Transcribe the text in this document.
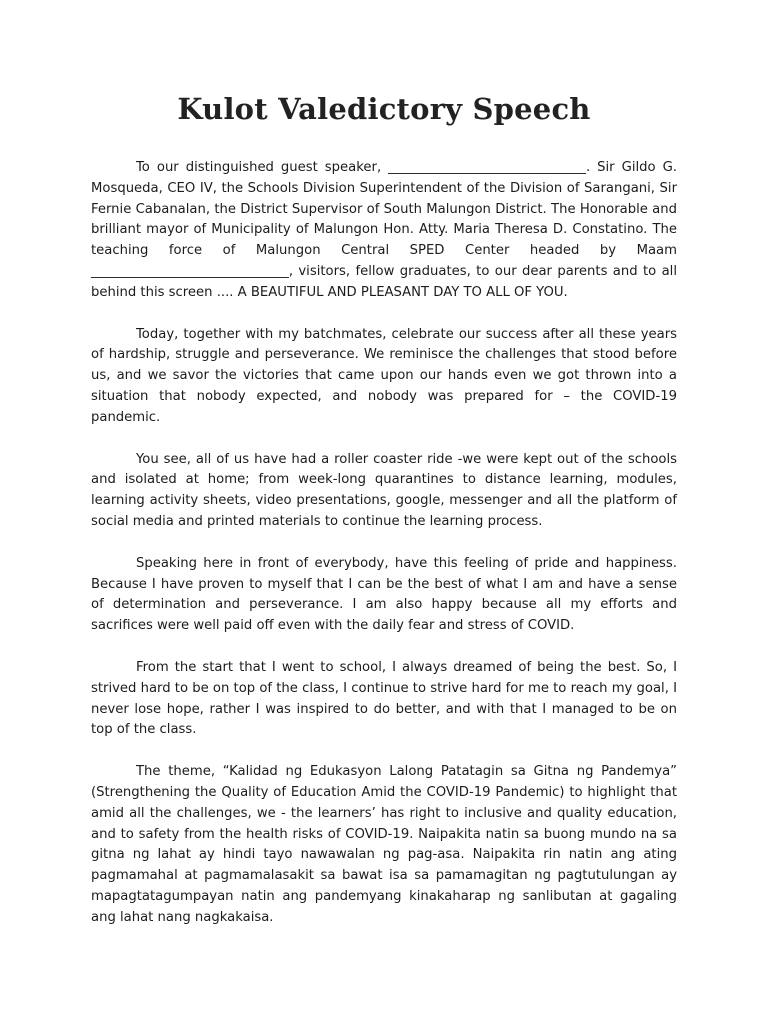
Kulot Valedictory Speech

To our distinguished guest speaker, ______________________________. Sir Gildo G. Mosqueda, CEO IV, the Schools Division Superintendent of the Division of Sarangani, Sir Fernie Cabanalan, the District Supervisor of South Malungon District. The Honorable and brilliant mayor of Municipality of Malungon Hon. Atty. Maria Theresa D. Constatino. The teaching force of Malungon Central SPED Center headed by Maam ______________________________, visitors, fellow graduates, to our dear parents and to all behind this screen .... A BEAUTIFUL AND PLEASANT DAY TO ALL OF YOU.

Today, together with my batchmates, celebrate our success after all these years of hardship, struggle and perseverance. We reminisce the challenges that stood before us, and we savor the victories that came upon our hands even we got thrown into a situation that nobody expected, and nobody was prepared for – the COVID-19 pandemic.

You see, all of us have had a roller coaster ride -we were kept out of the schools and isolated at home; from week-long quarantines to distance learning, modules, learning activity sheets, video presentations, google, messenger and all the platform of social media and printed materials to continue the learning process.

Speaking here in front of everybody, have this feeling of pride and happiness. Because I have proven to myself that I can be the best of what I am and have a sense of determination and perseverance. I am also happy because all my efforts and sacrifices were well paid off even with the daily fear and stress of COVID.

From the start that I went to school, I always dreamed of being the best. So, I strived hard to be on top of the class, I continue to strive hard for me to reach my goal, I never lose hope, rather I was inspired to do better, and with that I managed to be on top of the class.

The theme, “Kalidad ng Edukasyon Lalong Patatagin sa Gitna ng Pandemya” (Strengthening the Quality of Education Amid the COVID-19 Pandemic) to highlight that amid all the challenges, we - the learners’ has right to inclusive and quality education, and to safety from the health risks of COVID-19. Naipakita natin sa buong mundo na sa gitna ng lahat ay hindi tayo nawawalan ng pag-asa. Naipakita rin natin ang ating pagmamahal at pagmamalasakit sa bawat isa sa pamamagitan ng pagtutulungan ay mapagtatagumpayan natin ang pandemyang kinakaharap ng sanlibutan at gagaling ang lahat nang nagkakaisa.
